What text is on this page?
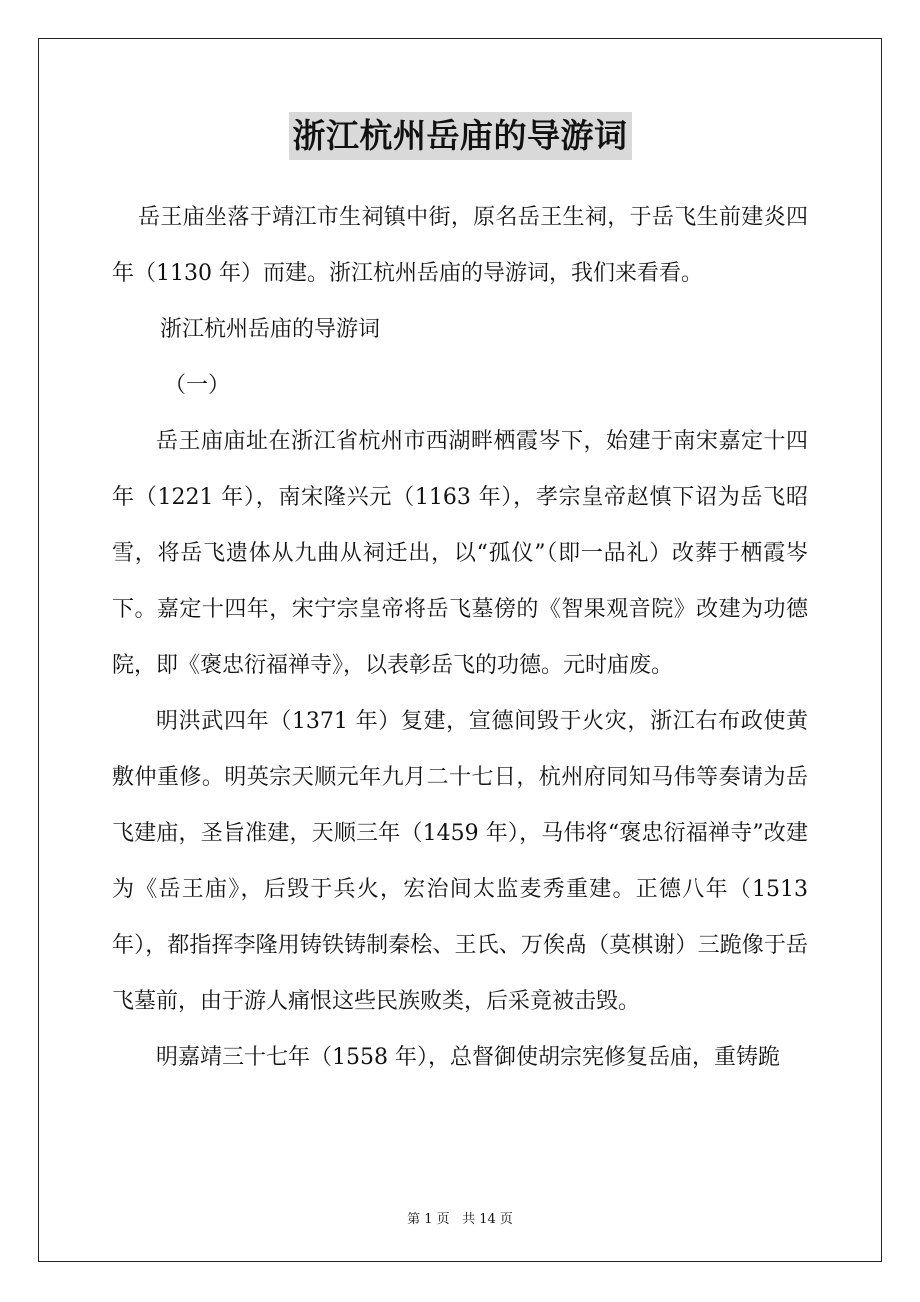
浙江杭州岳庙的导游词

岳王庙坐落于靖江市生祠镇中街，原名岳王生祠，于岳飞生前建炎四年（1130 年）而建。浙江杭州岳庙的导游词，我们来看看。

浙江杭州岳庙的导游词

（一）

岳王庙庙址在浙江省杭州市西湖畔栖霞岑下，始建于南宋嘉定十四年（1221 年），南宋隆兴元（1163 年），孝宗皇帝赵慎下诏为岳飞昭雪，将岳飞遗体从九曲从祠迁出，以“孤仪”（即一品礼）改葬于栖霞岑下。嘉定十四年，宋宁宗皇帝将岳飞墓傍的《智果观音院》改建为功德院，即《褒忠衍福禅寺》，以表彰岳飞的功德。元时庙废。

明洪武四年（1371 年）复建，宣德间毁于火灾，浙江右布政使黄敷仲重修。明英宗天顺元年九月二十七日，杭州府同知马伟等奏请为岳飞建庙，圣旨准建，天顺三年（1459 年），马伟将“褒忠衍福禅寺”改建为《岳王庙》，后毁于兵火，宏治间太监麦秀重建。正德八年（1513 年），都指挥李隆用铸铁铸制秦桧、王氏、万俟卨（莫棋谢）三跪像于岳飞墓前，由于游人痛恨这些民族败类，后采竟被击毁。

明嘉靖三十七年（1558 年），总督御使胡宗宪修复岳庙，重铸跪

第 1 页 共 14 页
